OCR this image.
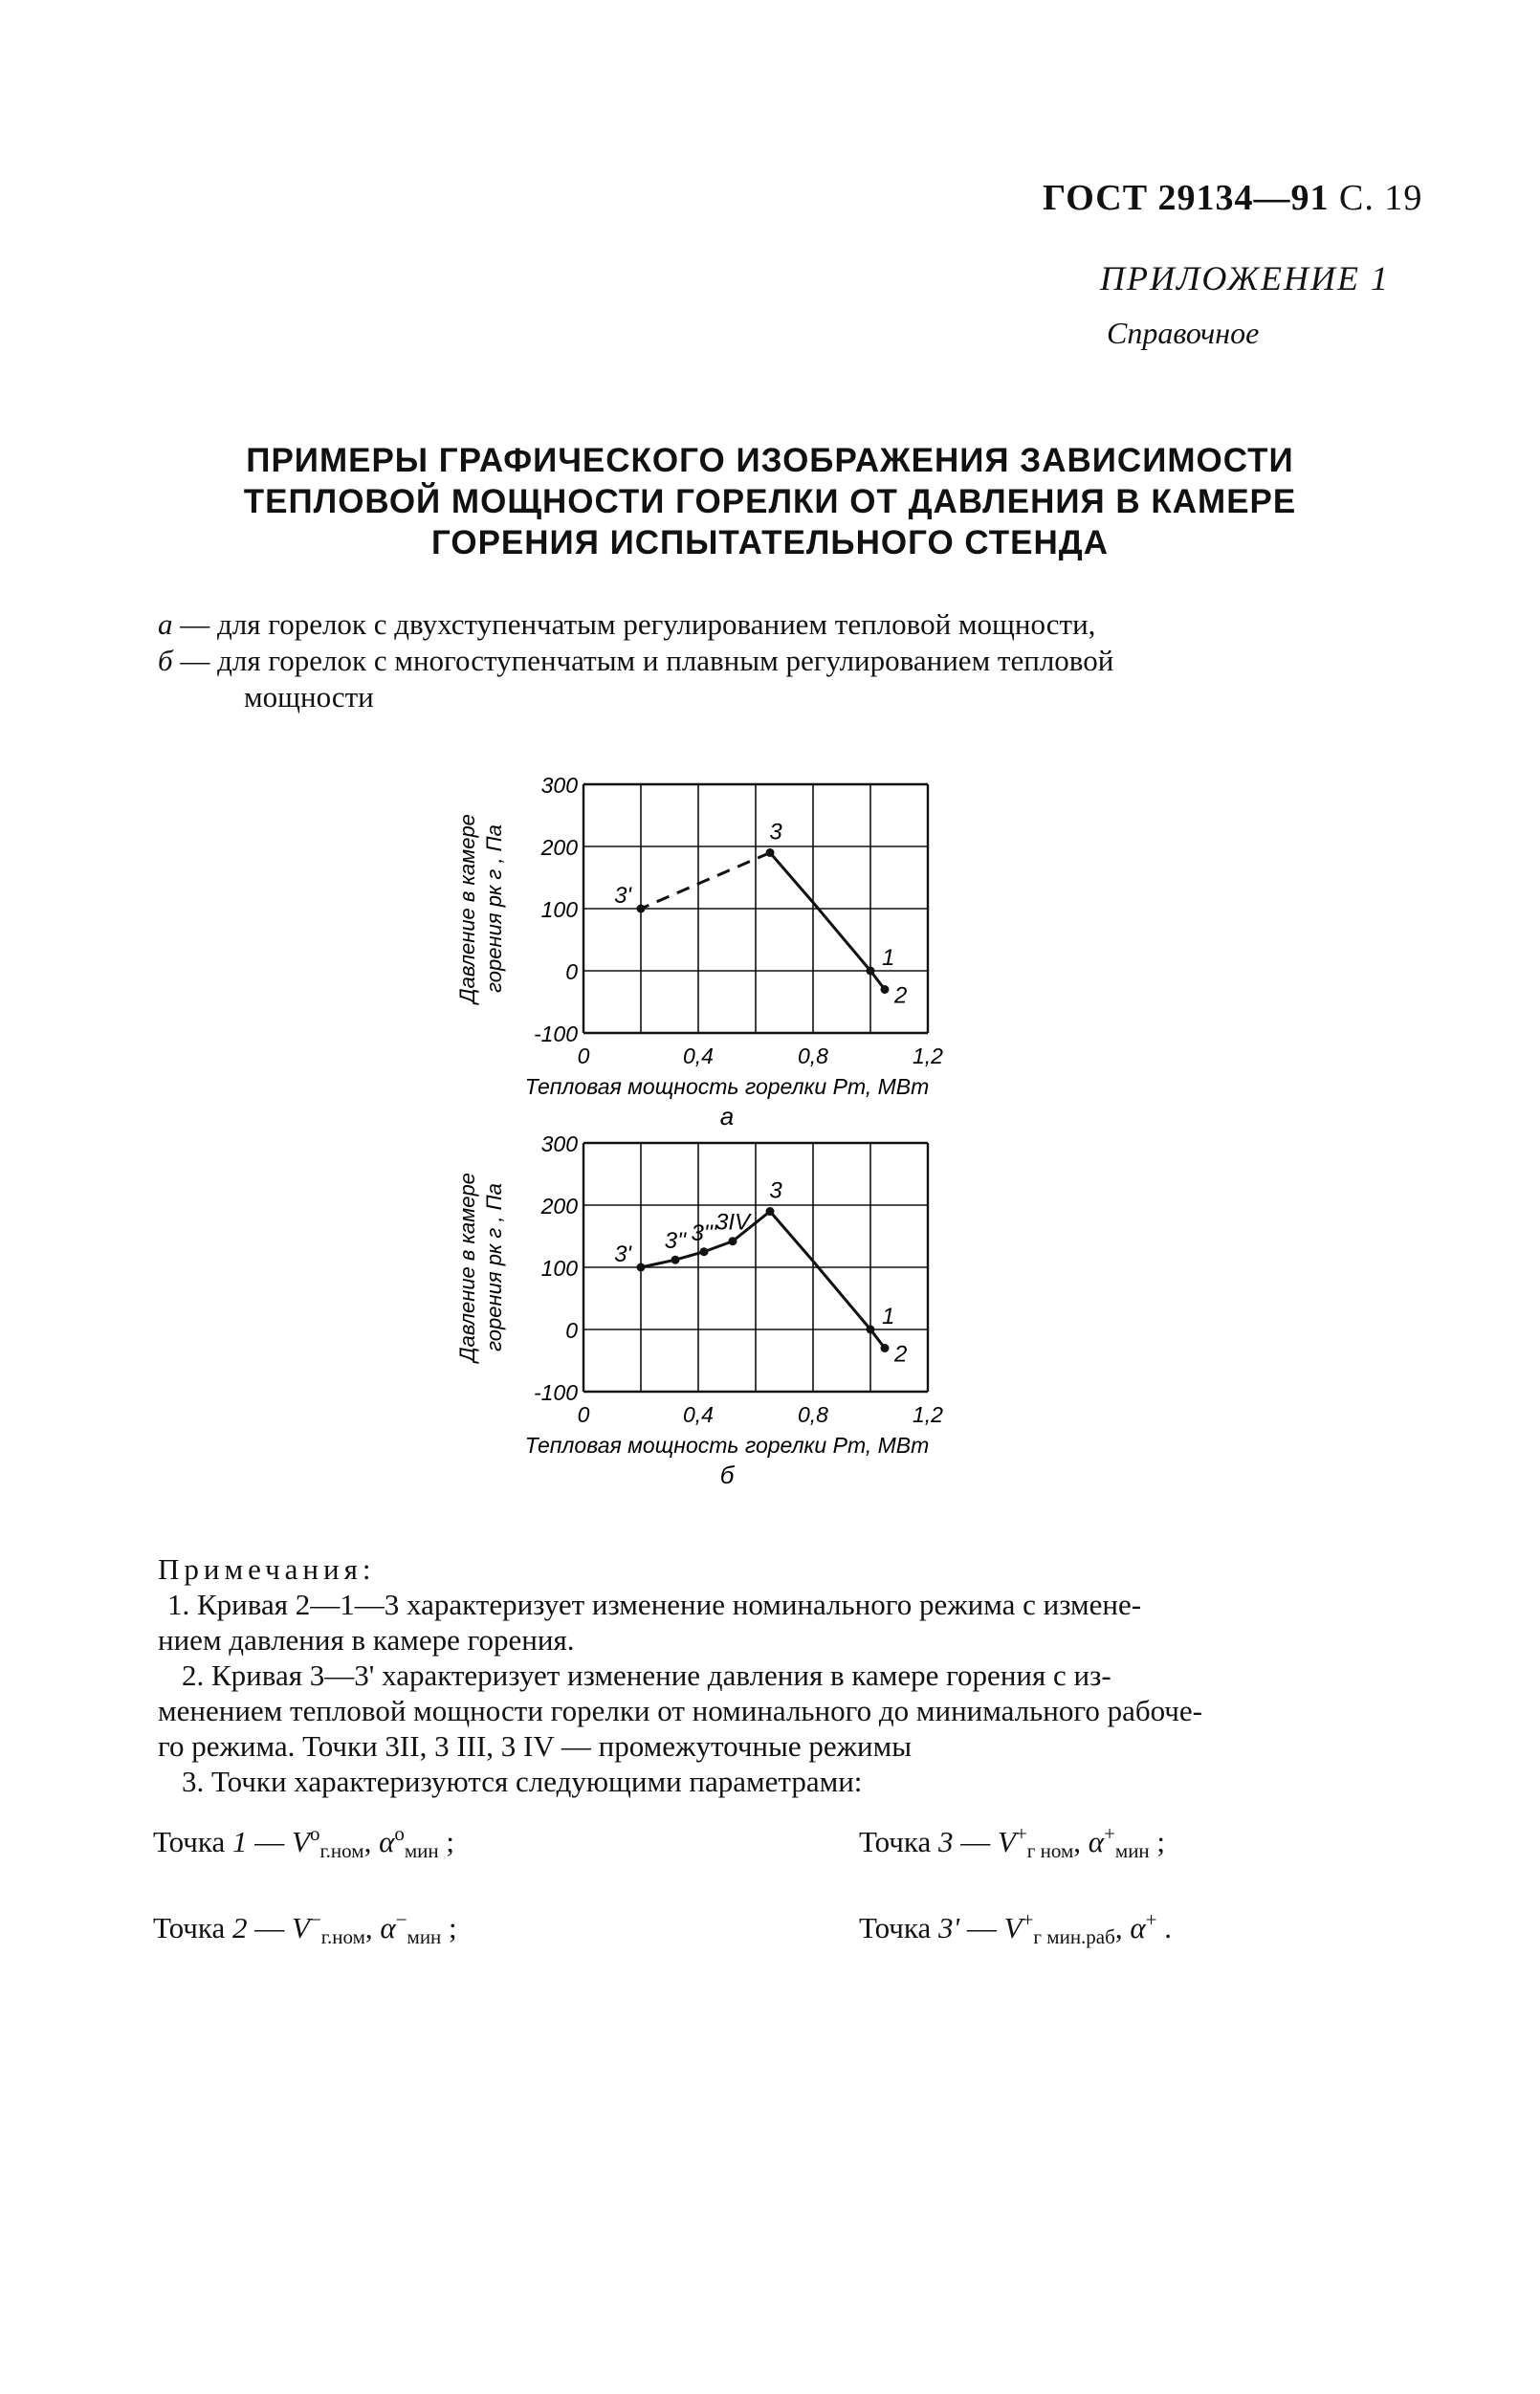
ГОСТ 29134—91 С. 19
ПРИЛОЖЕНИЕ 1
Справочное
ПРИМЕРЫ ГРАФИЧЕСКОГО ИЗОБРАЖЕНИЯ ЗАВИСИМОСТИ
ТЕПЛОВОЙ МОЩНОСТИ ГОРЕЛКИ ОТ ДАВЛЕНИЯ В КАМЕРЕ
ГОРЕНИЯ ИСПЫТАТЕЛЬНОГО СТЕНДА
а — для горелок с двухступенчатым регулированием тепловой мощности,
б — для горелок с многоступенчатым и плавным регулированием тепловой
мощности
300
200
100
0
-100
0	0,4	0,8	1,2
Давление в камере горения pк г , Па
Тепловая мощность горелки Pт, МВт
а
3'
3
1
2
300
200
100
0
-100
0	0,4	0,8	1,2
Давление в камере горения pк г , Па
Тепловая мощность горелки Pт, МВт
б
3'
3'' 3'''
3IV
3
1
2
Примечания:
1. Кривая 2—1—3 характеризует изменение номинального режима с измене-
нием давления в камере горения.
2. Кривая 3—3' характеризует изменение давления в камере горения с из-
менением тепловой мощности горелки от номинального до минимального рабоче-
го режима. Точки 3II, 3 III, 3 IV — промежуточные режимы
3. Точки характеризуются следующими параметрами:
Точка 1 — $V^o_{г.ном}$, $\alpha^o_{мин}$ ;	Точка 3 — $V^+_{г ном}$, $\alpha^+_{мин}$ ;
Точка 2 — $V^-_{г.ном}$, $\alpha^-_{мин}$ ;	Точка 3' — $V^+_{г мин.раб}$, α+ .
